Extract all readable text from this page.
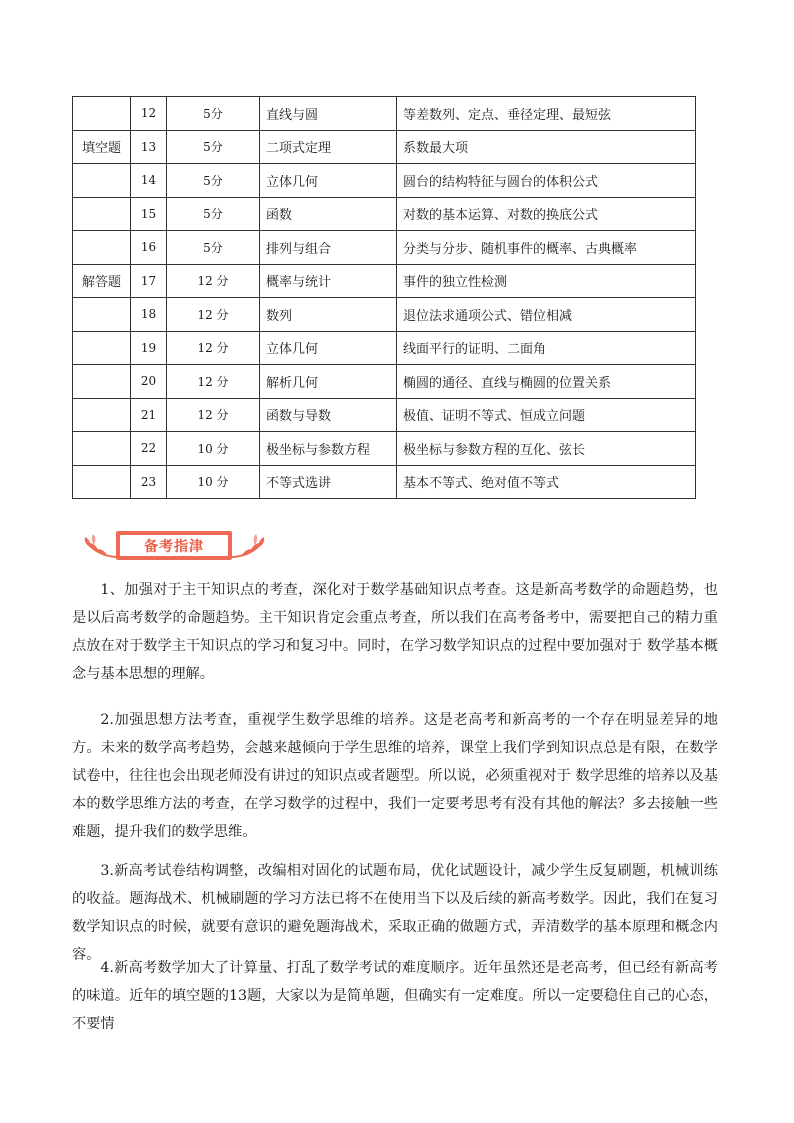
	12	5分	直线与圆	等差数列、定点、垂径定理、最短弦
填空题	13	5分	二项式定理	系数最大项
	14	5分	立体几何	圆台的结构特征与圆台的体积公式
	15	5分	函数	对数的基本运算、对数的换底公式
	16	5分	排列与组合	分类与分步、随机事件的概率、古典概率
解答题	17	12 分	概率与统计	事件的独立性检测
	18	12 分	数列	退位法求通项公式、错位相减
	19	12 分	立体几何	线面平行的证明、二面角
	20	12 分	解析几何	椭圆的通径、直线与椭圆的位置关系
	21	12 分	函数与导数	极值、证明不等式、恒成立问题
	22	10 分	极坐标与参数方程	极坐标与参数方程的互化、弦长
	23	10 分	不等式选讲	基本不等式、绝对值不等式
备考指津

1、加强对于主干知识点的考查，深化对于数学基础知识点考查。这是新高考数学的命题趋势，也是以后高考数学的命题趋势。主干知识肯定会重点考查，所以我们在高考备考中，需要把自己的精力重点放在对于数学主干知识点的学习和复习中。同时，在学习数学知识点的过程中要加强对于 数学基本概念与基本思想的理解。

2.加强思想方法考查，重视学生数学思维的培养。这是老高考和新高考的一个存在明显差异的地方。未来的数学高考趋势，会越来越倾向于学生思维的培养，课堂上我们学到知识点总是有限，在数学试卷中，往往也会出现老师没有讲过的知识点或者题型。所以说，必须重视对于 数学思维的培养以及基本的数学思维方法的考查，在学习数学的过程中，我们一定要考思考有没有其他的解法？多去接触一些难题，提升我们的数学思维。

3.新高考试卷结构调整，改编相对固化的试题布局，优化试题设计，减少学生反复刷题，机械训练的收益。题海战术、机械刷题的学习方法已将不在使用当下以及后续的新高考数学。因此，我们在复习数学知识点的时候，就要有意识的避免题海战术，采取正确的做题方式，弄清数学的基本原理和概念内容。

4.新高考数学加大了计算量、打乱了数学考试的难度顺序。近年虽然还是老高考，但已经有新高考的味道。近年的填空题的13题，大家以为是简单题，但确实有一定难度。所以一定要稳住自己的心态，不要情
